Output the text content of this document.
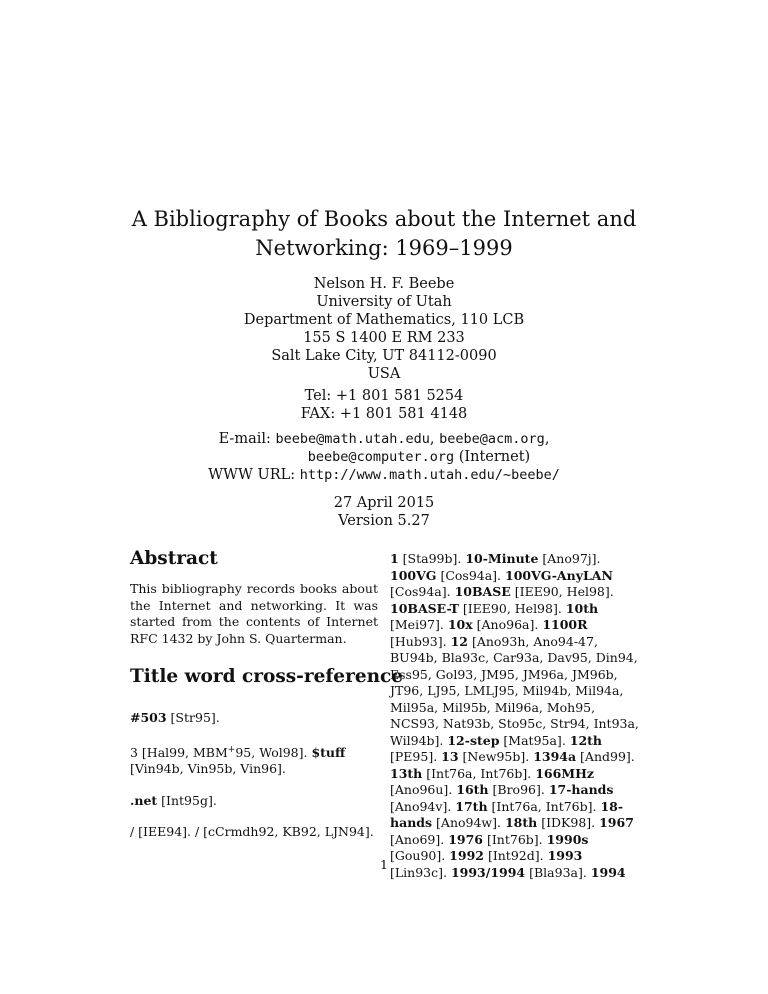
A Bibliography of Books about the Internet and
Networking: 1969–1999
Nelson H. F. Beebe
University of Utah
Department of Mathematics, 110 LCB
155 S 1400 E RM 233
Salt Lake City, UT 84112-0090
USA
Tel: +1 801 581 5254
FAX: +1 801 581 4148
E-mail: beebe@math.utah.edu, beebe@acm.org,
beebe@computer.org (Internet)
WWW URL: http://www.math.utah.edu/~beebe/
27 April 2015
Version 5.27
Abstract

This bibliography records books about the Internet and networking. It was started from the contents of Internet RFC 1432 by John S. Quarterman.

Title word cross-reference

#503 [Str95].

3 [Hal99, MBM+95, Wol98]. $tuff
[Vin94b, Vin95b, Vin96].

.net [Int95g].

/ [IEE94]. / [cCrmdh92, KB92, LJN94].

1 [Sta99b]. 10-Minute [Ano97j]. 100VG [Cos94a]. 100VG-AnyLAN [Cos94a]. 10BASE [IEE90, Hel98]. 10BASE-T [IEE90, Hel98]. 10th [Mei97]. 10x [Ano96a]. 1100R [Hub93]. 12 [Ano93h, Ano94-47, BU94b, Bla93c, Car93a, Dav95, Din94, Ess95, Gol93, JM95, JM96a, JM96b, JT96, LJ95, LMLJ95, Mil94b, Mil94a, Mil95a, Mil95b, Mil96a, Moh95, NCS93, Nat93b, Sto95c, Str94, Int93a, Wil94b]. 12-step [Mat95a]. 12th [PE95]. 13 [New95b]. 1394a [And99]. 13th [Int76a, Int76b]. 166MHz [Ano96u]. 16th [Bro96]. 17-hands [Ano94v]. 17th [Int76a, Int76b]. 18-hands [Ano94w]. 18th [IDK98]. 1967 [Ano69]. 1976 [Int76b]. 1990s [Gou90]. 1992 [Int92d]. 1993 [Lin93c]. 1993/1994 [Bla93a]. 1994

1
